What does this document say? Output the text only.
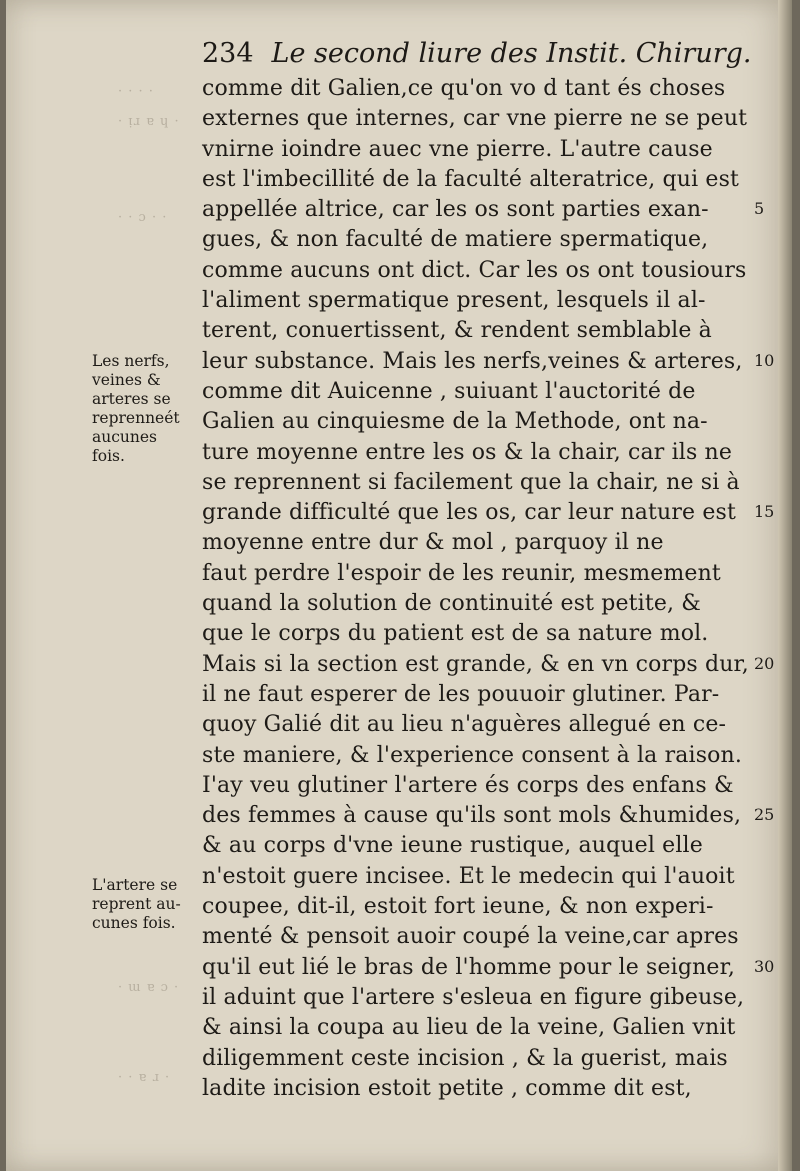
· · · ·
· ᴉɹ ɐ ɥ ·
· · ɔ · ·
· ɯ ɐ ɔ ·
· · ɐ ɹ ·
234 Le second liure des Instit. Chirurg.
comme dit Galien,ce qu'on vo d tant és choses
externes que internes, car vne pierre ne se peut
vnirne ioindre auec vne pierre. L'autre cause
est l'imbecillité de la faculté alteratrice, qui est
appellée altrice, car les os sont parties exan-
gues, & non faculté de matiere spermatique,
comme aucuns ont dict. Car les os ont tousiours
l'aliment spermatique present, lesquels il al-
terent, conuertissent, & rendent semblable à
leur substance. Mais les nerfs,veines & arteres,
comme dit Auicenne , suiuant l'auctorité de
Galien au cinquiesme de la Methode, ont na-
ture moyenne entre les os & la chair, car ils ne
se reprennent si facilement que la chair, ne si à
grande difficulté que les os, car leur nature est
moyenne entre dur & mol , parquoy il ne
faut perdre l'espoir de les reunir, mesmement
quand la solution de continuité est petite, &
que le corps du patient est de sa nature mol.
Mais si la section est grande, & en vn corps dur,
il ne faut esperer de les pouuoir glutiner. Par-
quoy Galié dit au lieu n'aguères allegué en ce-
ste maniere, & l'experience consent à la raison.
I'ay veu glutiner l'artere és corps des enfans &
des femmes à cause qu'ils sont mols &humides,
& au corps d'vne ieune rustique, auquel elle
n'estoit guere incisee. Et le medecin qui l'auoit
coupee, dit-il, estoit fort ieune, & non experi-
menté & pensoit auoir coupé la veine,car apres
qu'il eut lié le bras de l'homme pour le seigner,
il aduint que l'artere s'esleua en figure gibeuse,
& ainsi la coupa au lieu de la veine, Galien vnit
diligemment ceste incision , & la guerist, mais
ladite incision estoit petite , comme dit est,
Les nerfs,
veines &
arteres se
reprenneét
aucunes
fois.
L'artere se
reprent au-
cunes fois.
5
10
15
20
25
30
